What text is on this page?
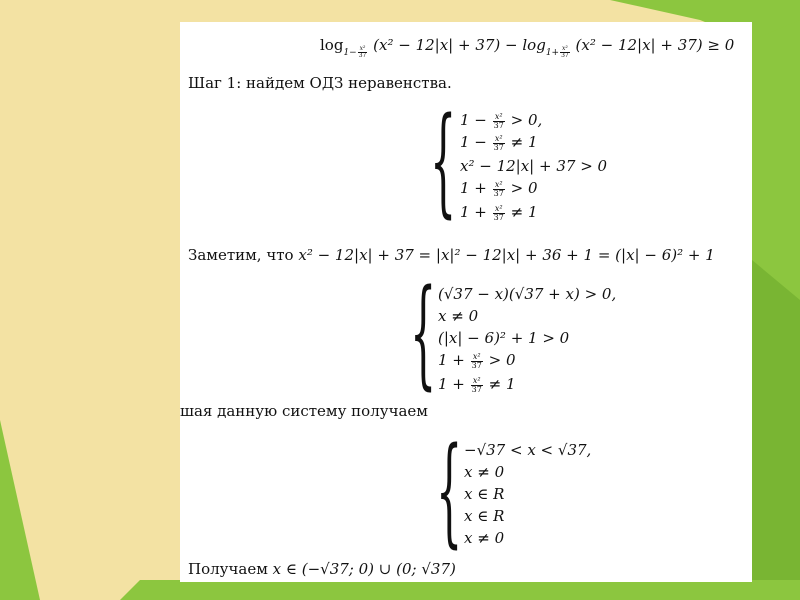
$\log_{1- \frac{\text{x²}}{37}} (x^2 - 12|x| + 37) - \log_{1+ \frac{\text{x²}}{37}} (x^2 - 12|x| + 37) \ge 0$
Шаг 1: найдем ОДЗ неравенства.
{ $1 - \frac{\text{x²}}{37} > 0$,
$1 - \frac{\text{x²}}{37} \ne 1$
x² − 12|x| + 37 > 0
$1 + \frac{\text{x²}}{37} > 0$
$1 + \frac{\text{x²}}{37} \ne 1$
Заметим, что x² − 12|x| + 37 = |x|² − 12|x| + 36 + 1 = (|x| − 6)² + 1
{ (√37 − x)(√37 + x) > 0,
x ≠ 0
(|x| − 6)² + 1 > 0
$1 + \frac{\text{x²}}{37} > 0$
$1 + \frac{\text{x²}}{37} \ne 1$
шая данную систему получаем
{ −√37 < x < √37,
x ≠ 0
x ∈ R
x ∈ R
x ≠ 0
Получаем x ∈ (−√37; 0) ∪ (0; √37)
